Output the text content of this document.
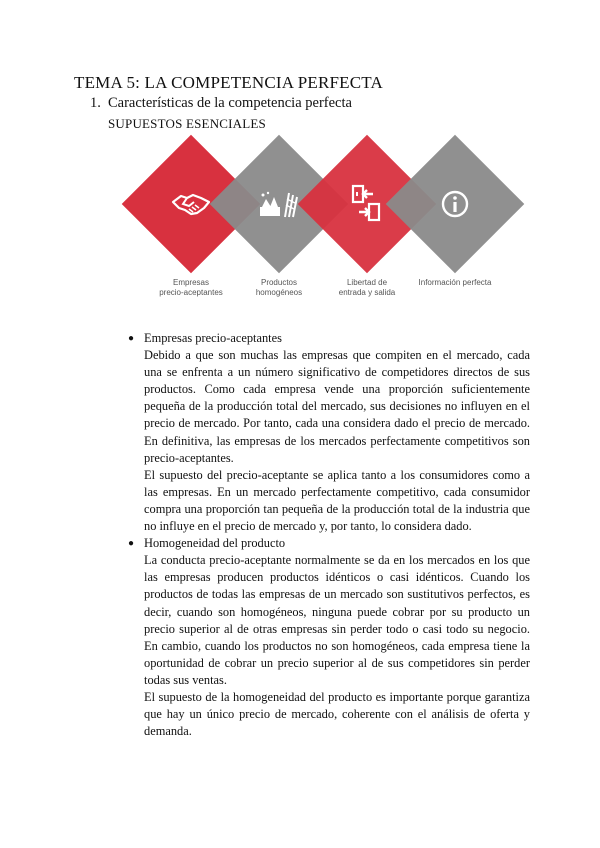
TEMA 5: LA COMPETENCIA PERFECTA
1. Características de la competencia perfecta
SUPUESTOS ESENCIALES
Empresas
precio-aceptantes
Productos
homogéneos
Libertad de
entrada y salida
Información perfecta
● Empresas precio-aceptantes

Debido a que son muchas las empresas que compiten en el mercado, cada una se enfrenta a un número significativo de competidores directos de sus productos. Como cada empresa vende una proporción suficientemente pequeña de la producción total del mercado, sus decisiones no influyen en el precio de mercado. Por tanto, cada una considera dado el precio de mercado. En definitiva, las empresas de los mercados perfectamente competitivos son precio-aceptantes.

El supuesto del precio-aceptante se aplica tanto a los consumidores como a las empresas. En un mercado perfectamente competitivo, cada consumidor compra una proporción tan pequeña de la producción total de la industria que no influye en el precio de mercado y, por tanto, lo considera dado.

● Homogeneidad del producto

La conducta precio-aceptante normalmente se da en los mercados en los que las empresas producen productos idénticos o casi idénticos. Cuando los productos de todas las empresas de un mercado son sustitutivos perfectos, es decir, cuando son homogéneos, ninguna puede cobrar por su producto un precio superior al de otras empresas sin perder todo o casi todo su negocio. En cambio, cuando los productos no son homogéneos, cada empresa tiene la oportunidad de cobrar un precio superior al de sus competidores sin perder todas sus ventas.

El supuesto de la homogeneidad del producto es importante porque garantiza que hay un único precio de mercado, coherente con el análisis de oferta y demanda.
